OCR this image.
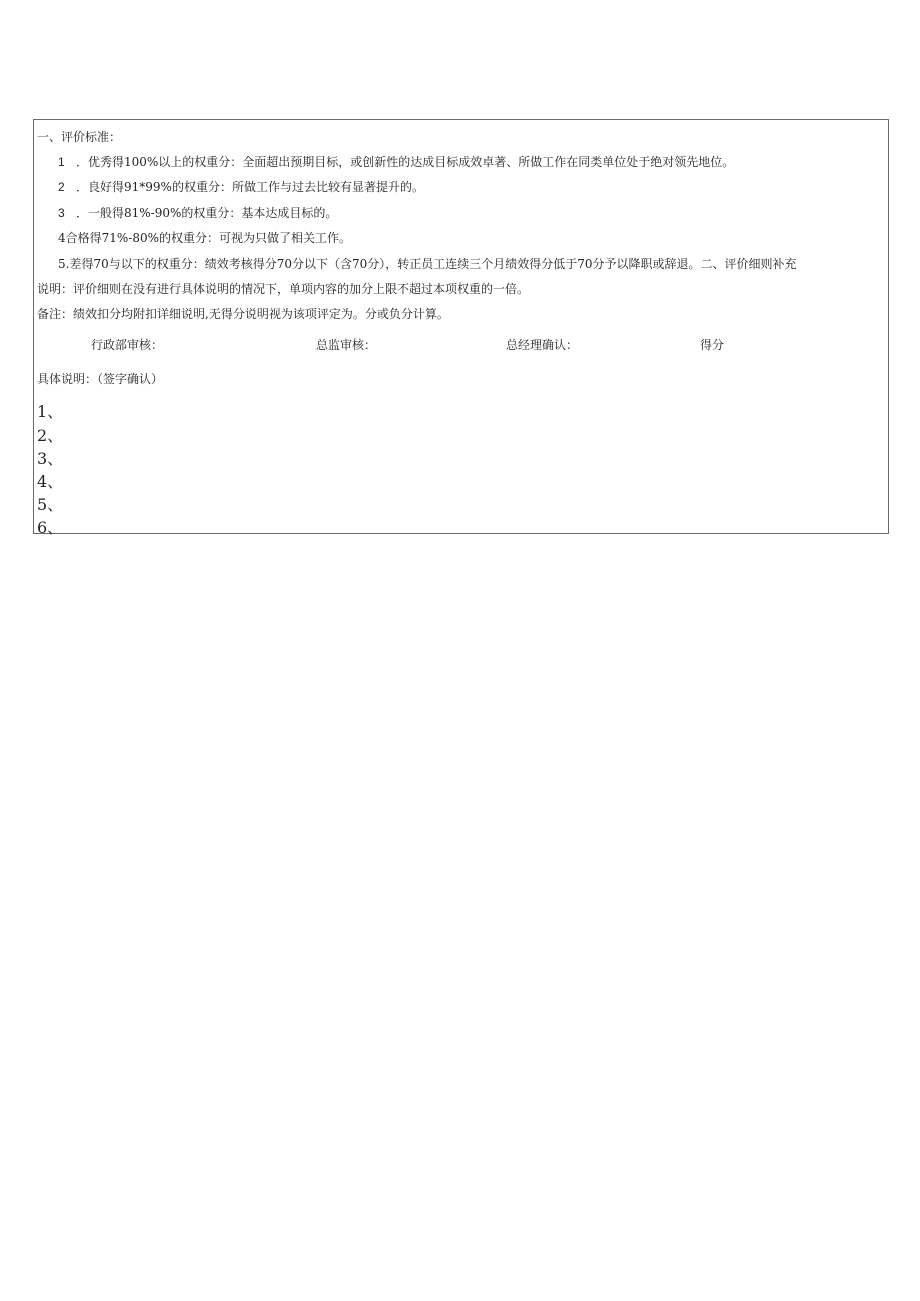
一、评价标准：
1 ．优秀得100%以上的权重分：全面超出预期目标，或创新性的达成目标成效卓著、所做工作在同类单位处于绝对领先地位。
2 ．良好得91*99%的权重分：所做工作与过去比较有显著提升的。
3 ．一般得81%-90%的权重分：基本达成目标的。
4合格得71%-80%的权重分：可视为只做了相关工作。
5.差得70与以下的权重分：绩效考核得分70分以下（含70分），转正员工连续三个月绩效得分低于70分予以降职或辞退。二、评价细则补充
说明：评价细则在没有进行具体说明的情况下，单项内容的加分上限不超过本项权重的一倍。
备注：绩效扣分均附扣详细说明,无得分说明视为该项评定为。分或负分计算。
行政部审核：	总监审核：	总经理确认：	得分
具体说明：（签字确认）
1、
2、
3、
4、
5、
6、
